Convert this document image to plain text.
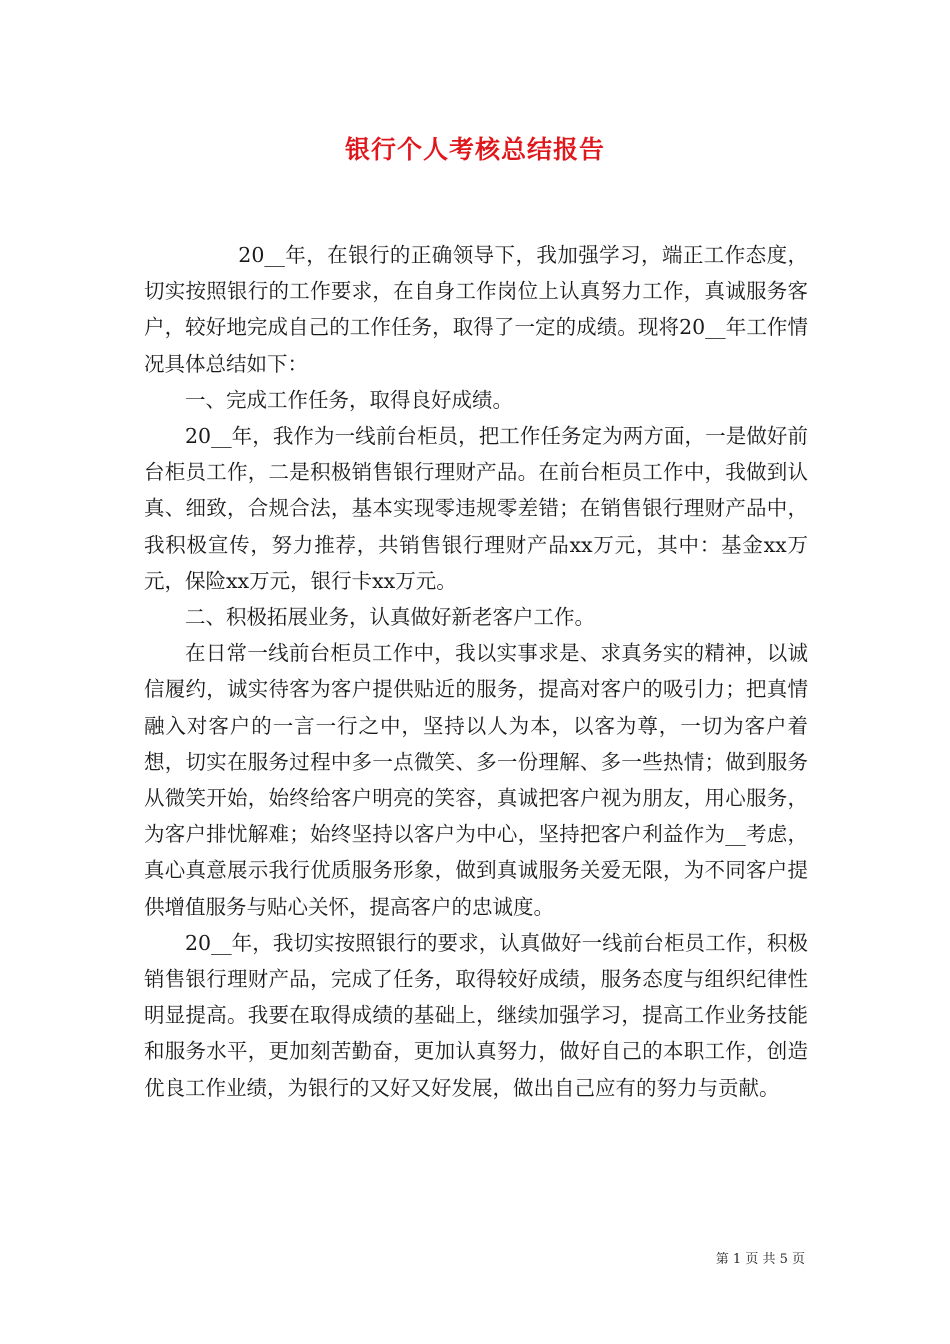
银行个人考核总结报告

20__年，在银行的正确领导下，我加强学习，端正工作态度，切实按照银行的工作要求，在自身工作岗位上认真努力工作，真诚服务客户，较好地完成自己的工作任务，取得了一定的成绩。现将20__年工作情况具体总结如下：

一、完成工作任务，取得良好成绩。

20__年，我作为一线前台柜员，把工作任务定为两方面，一是做好前台柜员工作，二是积极销售银行理财产品。在前台柜员工作中，我做到认真、细致，合规合法，基本实现零违规零差错；在销售银行理财产品中，我积极宣传，努力推荐，共销售银行理财产品xx万元，其中：基金xx万元，保险xx万元，银行卡xx万元。

二、积极拓展业务，认真做好新老客户工作。

在日常一线前台柜员工作中，我以实事求是、求真务实的精神，以诚信履约，诚实待客为客户提供贴近的服务，提高对客户的吸引力；把真情融入对客户的一言一行之中，坚持以人为本，以客为尊，一切为客户着想，切实在服务过程中多一点微笑、多一份理解、多一些热情；做到服务从微笑开始，始终给客户明亮的笑容，真诚把客户视为朋友，用心服务，为客户排忧解难；始终坚持以客户为中心，坚持把客户利益作为__考虑，真心真意展示我行优质服务形象，做到真诚服务关爱无限，为不同客户提供增值服务与贴心关怀，提高客户的忠诚度。

20__年，我切实按照银行的要求，认真做好一线前台柜员工作，积极销售银行理财产品，完成了任务，取得较好成绩，服务态度与组织纪律性明显提高。我要在取得成绩的基础上，继续加强学习，提高工作业务技能和服务水平，更加刻苦勤奋，更加认真努力，做好自己的本职工作，创造优良工作业绩，为银行的又好又好发展，做出自己应有的努力与贡献。

第 1 页 共 5 页
